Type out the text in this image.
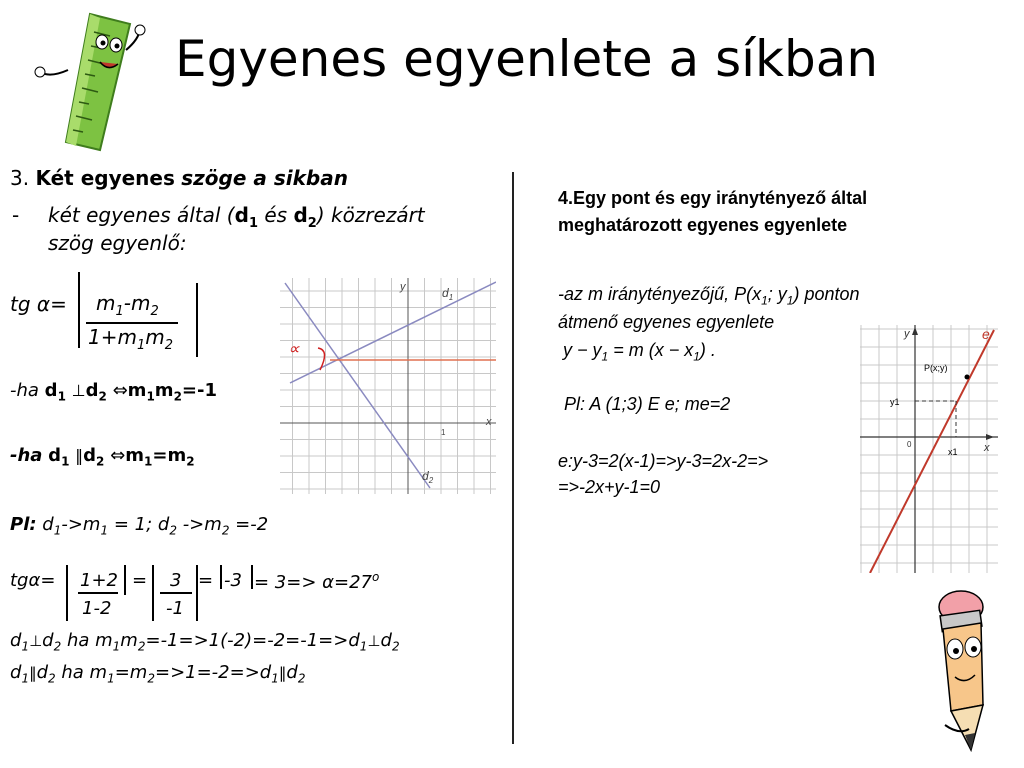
Egyenes egyenlete a síkban
3. Két egyenes szöge a sikban
- két egyenes által ($d_1$ és $d_2$) közrezárt
szög egyenlő:
tg $\alpha= m_1-m_2$
$1+m_1m_2$
-ha $d_1$ $\perp d_2$ $\Leftrightarrow m_1m_2=-1$
-ha $d_1$ $‖d_2$ $\Leftrightarrow m_1=m_2$
Pl: $d_1->m_1 = 1$; $d_2$ $->m_2 =-2$
tgα= 1+2
1-2
= 3
-1
= $-3 = 3=> \alpha=27^o$
$d_1\perp d_2$ ha $m_1m_2=-1=>1(-2)=-2=-1=>d_1\perp d_2$
$d_1‖d_2$ ha $m_1=m_2=>1=-2=>d_1‖d_2$
∝
y
x
$d_1$
$d_2$
1
4.Egy pont és egy iránytényező által
meghatározott egyenes egyenlete
-az m iránytényezőjű, $P(x_1$; $y_1$) ponton
átmenő egyenes egyenlete
$y - y_1 = m$ $(x - x_1)$ .
Pl: A (1;3) E e; me=2
e:y-3=2(x-1)=>y-3=2x-2=>
=>-2x+y-1=0
e
y
x
P(x;y)
y1
x1
0
